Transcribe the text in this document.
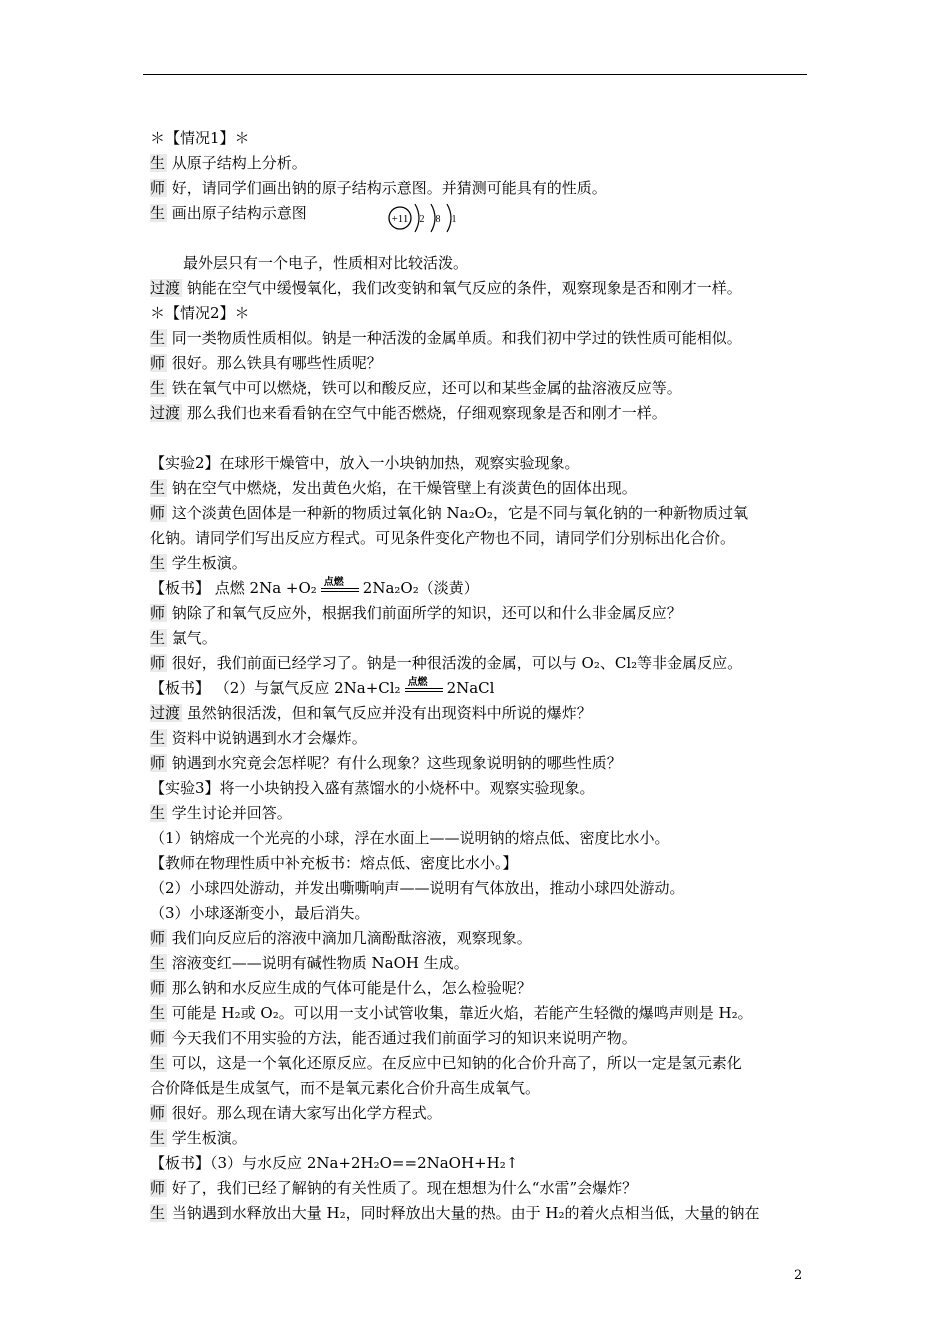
＊【情况1】＊
生 从原子结构上分析。
师 好，请同学们画出钠的原子结构示意图。并猜测可能具有的性质。
生 画出原子结构示意图	+11 2 8 1
最外层只有一个电子，性质相对比较活泼。
过渡 钠能在空气中缓慢氧化，我们改变钠和氧气反应的条件，观察现象是否和刚才一样。
＊【情况2】＊
生 同一类物质性质相似。钠是一种活泼的金属单质。和我们初中学过的铁性质可能相似。
师 很好。那么铁具有哪些性质呢？
生 铁在氧气中可以燃烧，铁可以和酸反应，还可以和某些金属的盐溶液反应等。
过渡 那么我们也来看看钠在空气中能否燃烧，仔细观察现象是否和刚才一样。
【实验2】在球形干燥管中，放入一小块钠加热，观察实验现象。
生 钠在空气中燃烧，发出黄色火焰，在干燥管壁上有淡黄色的固体出现。
师 这个淡黄色固体是一种新的物质过氧化钠 Na₂O₂，它是不同与氧化钠的一种新物质过氧
化钠。请同学们写出反应方程式。可见条件变化产物也不同，请同学们分别标出化合价。
生 学生板演。
【板书】 点燃 2Na +O₂ 点燃 2Na₂O₂（淡黄）
师 钠除了和氧气反应外，根据我们前面所学的知识，还可以和什么非金属反应？
生 氯气。
师 很好，我们前面已经学习了。钠是一种很活泼的金属，可以与 O₂、Cl₂等非金属反应。
【板书】 （2）与氯气反应 2Na+Cl₂ 点燃 2NaCl
过渡 虽然钠很活泼，但和氧气反应并没有出现资料中所说的爆炸？
生 资料中说钠遇到水才会爆炸。
师 钠遇到水究竟会怎样呢？有什么现象？这些现象说明钠的哪些性质？
【实验3】将一小块钠投入盛有蒸馏水的小烧杯中。观察实验现象。
生 学生讨论并回答。
（1）钠熔成一个光亮的小球，浮在水面上——说明钠的熔点低、密度比水小。
【教师在物理性质中补充板书：熔点低、密度比水小。】
（2）小球四处游动，并发出嘶嘶响声——说明有气体放出，推动小球四处游动。
（3）小球逐渐变小，最后消失。
师 我们向反应后的溶液中滴加几滴酚酞溶液，观察现象。
生 溶液变红——说明有碱性物质 NaOH 生成。
师 那么钠和水反应生成的气体可能是什么，怎么检验呢？
生 可能是 H₂或 O₂。可以用一支小试管收集，靠近火焰，若能产生轻微的爆鸣声则是 H₂。
师 今天我们不用实验的方法，能否通过我们前面学习的知识来说明产物。
生 可以，这是一个氧化还原反应。在反应中已知钠的化合价升高了，所以一定是氢元素化
合价降低是生成氢气，而不是氧元素化合价升高生成氧气。
师 很好。那么现在请大家写出化学方程式。
生 学生板演。
【板书】（3）与水反应 2Na+2H₂O==2NaOH+H₂↑
师 好了，我们已经了解钠的有关性质了。现在想想为什么“水雷”会爆炸？
生 当钠遇到水释放出大量 H₂，同时释放出大量的热。由于 H₂的着火点相当低，大量的钠在
2
